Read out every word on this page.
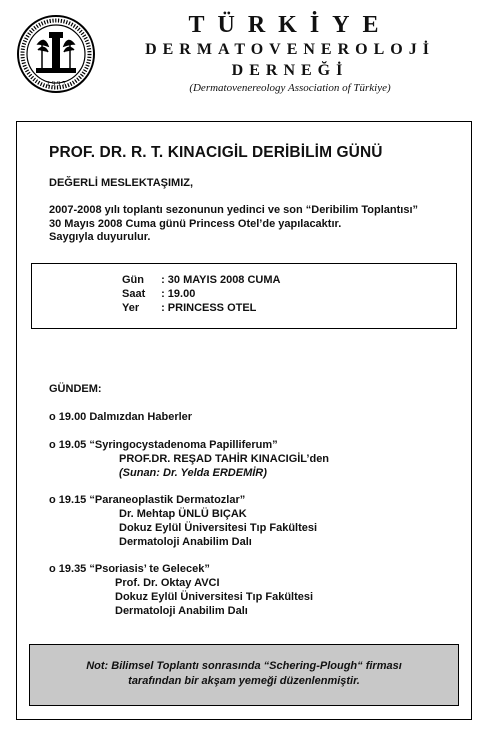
1 9 9 7
TÜRKİYE
DERMATOVENEROLOJİ
DERNEĞİ
(Dermatovenereology Association of Türkiye)
PROF. DR. R. T. KINACIGİL DERİBİLİM GÜNÜ
DEĞERLİ MESLEKTAŞIMIZ,
2007-2008 yılı toplantı sezonunun yedinci ve son “Deribilim Toplantısı”
30 Mayıs 2008 Cuma günü Princess Otel’de yapılacaktır.
Saygıyla duyurulur.
Gün : 30 MAYIS 2008 CUMA
Saat : 19.00
Yer : PRINCESS OTEL
GÜNDEM:
o 19.00 Dalmızdan Haberler
o 19.05 “Syringocystadenoma Papilliferum”
PROF.DR. REŞAD TAHİR KINACIGİL’den
(Sunan: Dr. Yelda ERDEMİR)
o 19.15 “Paraneoplastik Dermatozlar”
Dr. Mehtap ÜNLÜ BIÇAK
Dokuz Eylül Üniversitesi Tıp Fakültesi
Dermatoloji Anabilim Dalı
o 19.35 “Psoriasis’ te Gelecek”
Prof. Dr. Oktay AVCI
Dokuz Eylül Üniversitesi Tıp Fakültesi
Dermatoloji Anabilim Dalı
Not: Bilimsel Toplantı sonrasında “Schering-Plough“ firması
tarafından bir akşam yemeği düzenlenmiştir.
